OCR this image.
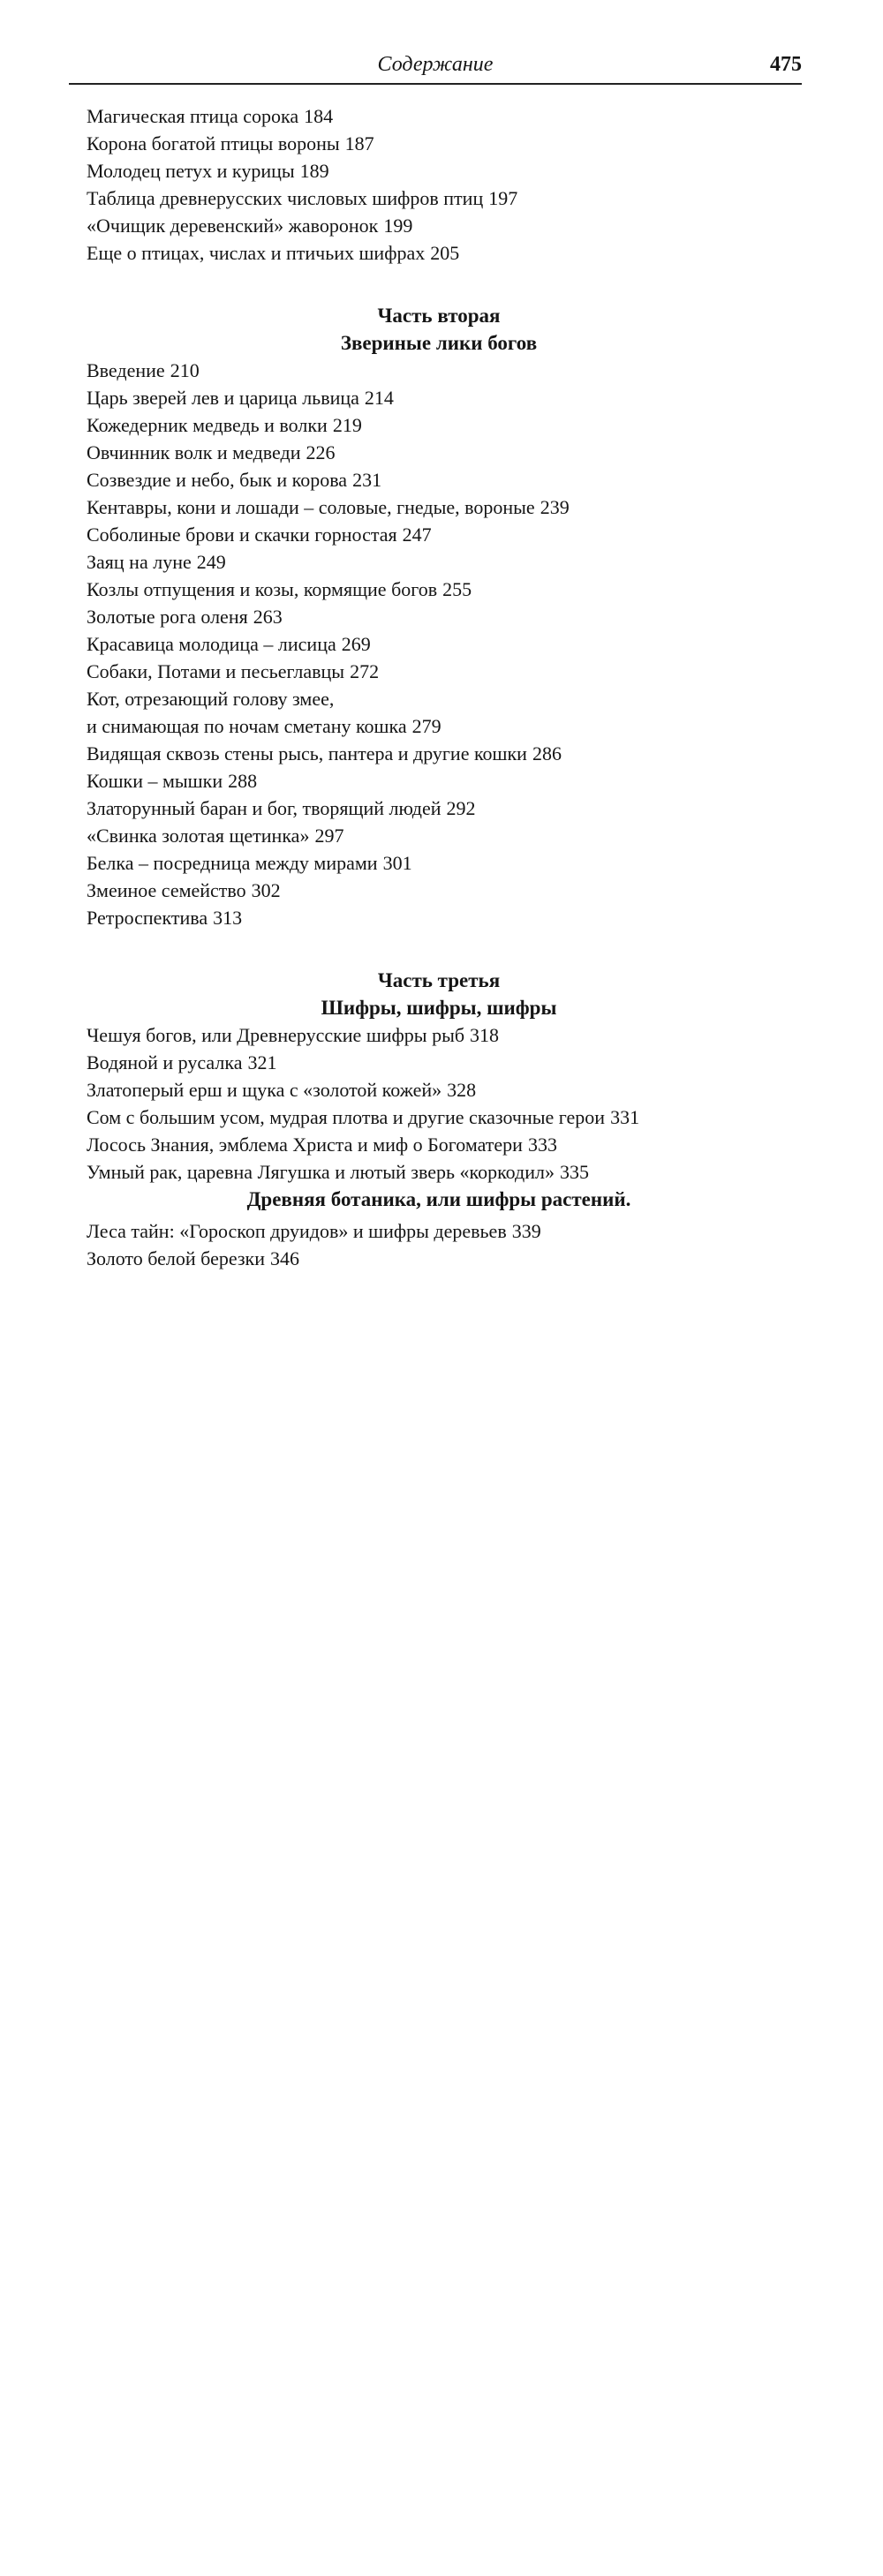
Содержание	475
Магическая птица сорока 184
Корона богатой птицы вороны 187
Молодец петух и курицы 189
Таблица древнерусских числовых шифров птиц 197
«Очищик деревенский» жаворонок 199
Еще о птицах, числах и птичьих шифрах 205
Часть вторая
Звериные лики богов
Введение 210
Царь зверей лев и царица львица 214
Кожедерник медведь и волки 219
Овчинник волк и медведи 226
Созвездие и небо, бык и корова 231
Кентавры, кони и лошади – соловые, гнедые, вороные 239
Соболиные брови и скачки горностая 247
Заяц на луне 249
Козлы отпущения и козы, кормящие богов 255
Золотые рога оленя 263
Красавица молодица – лисица 269
Собаки, Потами и песьеглавцы 272
Кот, отрезающий голову змее,
и снимающая по ночам сметану кошка 279
Видящая сквозь стены рысь, пантера и другие кошки 286
Кошки – мышки 288
Златорунный баран и бог, творящий людей 292
«Свинка золотая щетинка» 297
Белка – посредница между мирами 301
Змеиное семейство 302
Ретроспектива 313
Часть третья
Шифры, шифры, шифры
Чешуя богов, или Древнерусские шифры рыб 318
Водяной и русалка 321
Златоперый ерш и щука с «золотой кожей» 328
Сом с большим усом, мудрая плотва и другие сказочные герои 331
Лосось Знания, эмблема Христа и миф о Богоматери 333
Умный рак, царевна Лягушка и лютый зверь «коркодил» 335
Древняя ботаника, или шифры растений.
Леса тайн: «Гороскоп друидов» и шифры деревьев 339
Золото белой березки 346
